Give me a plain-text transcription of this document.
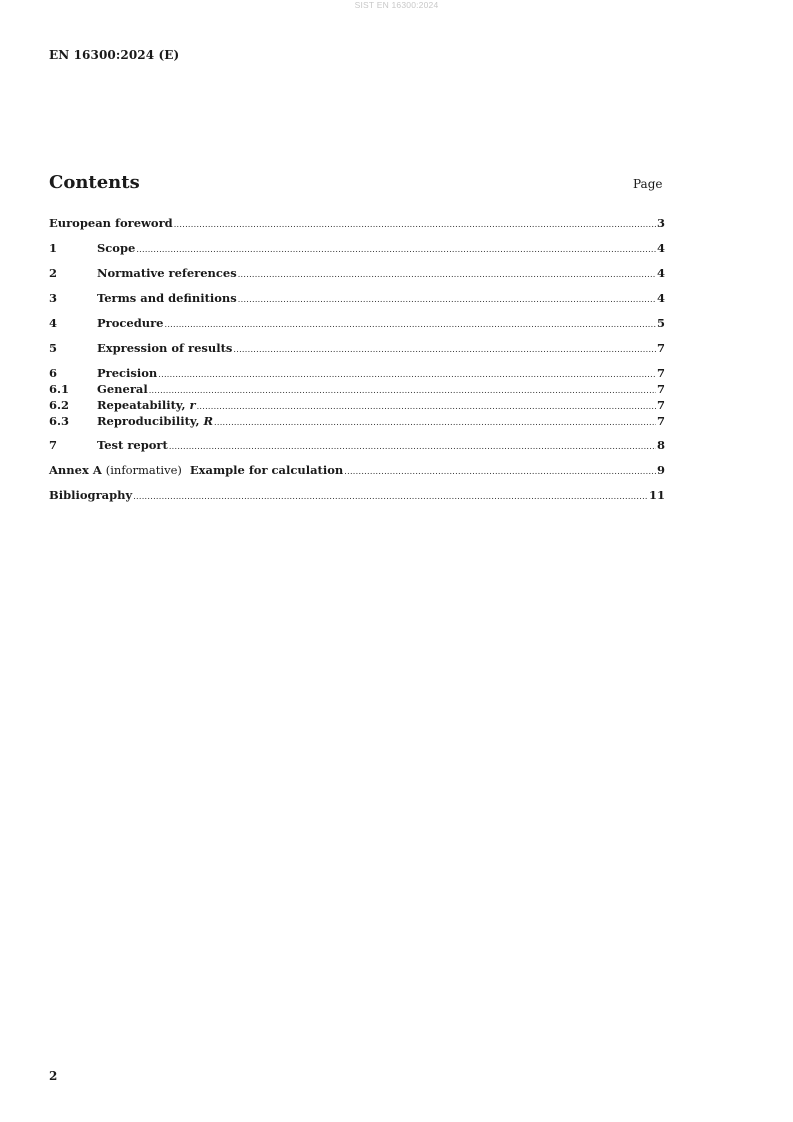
SIST EN 16300:2024
EN 16300:2024 (E)
Contents	Page
European foreword .....	3
1	Scope .....	4
2	Normative references .....	4
3	Terms and definitions .....	4
4	Procedure .....	5
5	Expression of results .....	7
6	Precision .....	7
6.1	General .....	7
6.2	Repeatability, r .....	7
6.3	Reproducibility, R .....	7
7	Test report .....	8
Annex A (informative) Example for calculation .....	9
Bibliography .....	11
2
